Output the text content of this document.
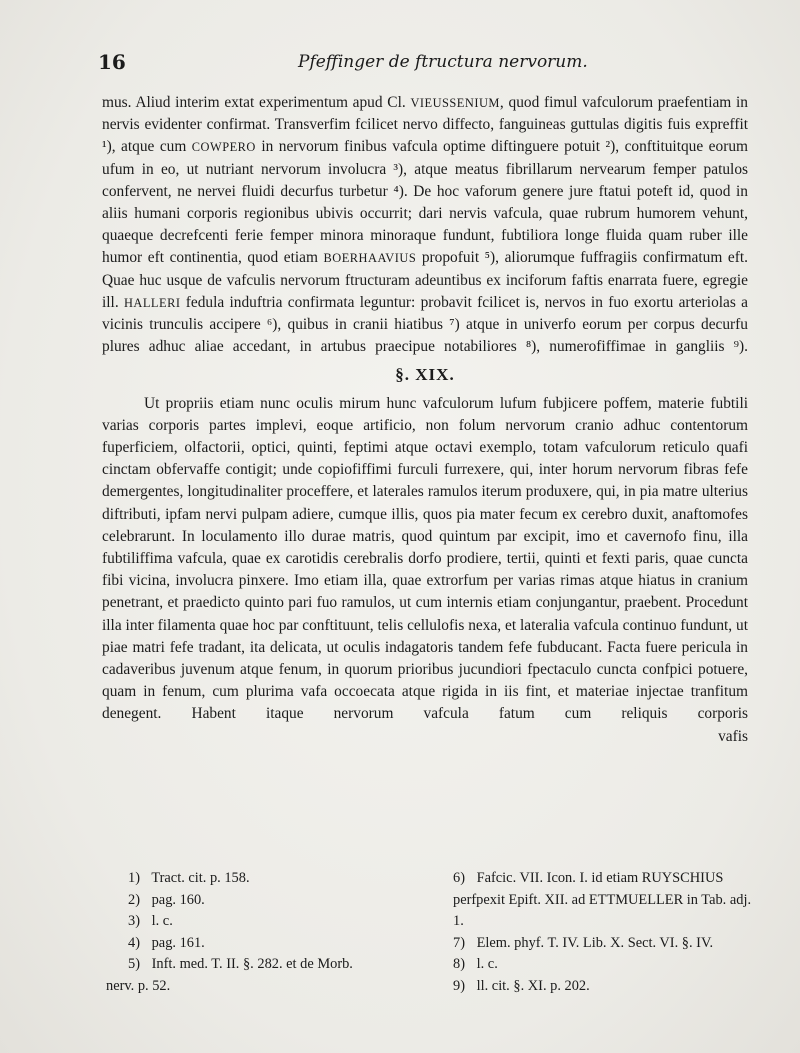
16	Pfeffinger de ftructura nervorum.

mus. Aliud interim extat experimentum apud Cl. VIEUSSENIUM, quod fimul vafculorum praefentiam in nervis evidenter confirmat. Transverfim fcilicet nervo diffecto, fanguineas guttulas digitis fuis expreffit ¹), atque cum COWPERO in nervorum finibus vafcula optime diftinguere potuit ²), conftituitque eorum ufum in eo, ut nutriant nervorum involucra ³), atque meatus fibrillarum nervearum femper patulos confervent, ne nervei fluidi decurfus turbetur ⁴). De hoc vaforum genere jure ftatui poteft id, quod in aliis humani corporis regionibus ubivis occurrit; dari nervis vafcula, quae rubrum humorem vehunt, quaeque decrefcenti ferie femper minora minoraque fundunt, fubtiliora longe fluida quam ruber ille humor eft continentia, quod etiam BOERHAAVIUS propofuit ⁵), aliorumque fuffragiis confirmatum eft. Quae huc usque de vafculis nervorum ftructuram adeuntibus ex inciforum faftis enarrata fuere, egregie ill. HALLERI fedula induftria confirmata leguntur: probavit fcilicet is, nervos in fuo exortu arteriolas a vicinis trunculis accipere ⁶), quibus in cranii hiatibus ⁷) atque in univerfo eorum per corpus decurfu plures adhuc aliae accedant, in artubus praecipue notabiliores ⁸), numerofiffimae in gangliis ⁹).

§. XIX.

Ut propriis etiam nunc oculis mirum hunc vafculorum lufum fubjicere poffem, materie fubtili varias corporis partes implevi, eoque artificio, non folum nervorum cranio adhuc contentorum fuperficiem, olfactorii, optici, quinti, feptimi atque octavi exemplo, totam vafculorum reticulo quafi cinctam obfervaffe contigit; unde copiofiffimi furculi furrexere, qui, inter horum nervorum fibras fefe demergentes, longitudinaliter proceffere, et laterales ramulos iterum produxere, qui, in pia matre ulterius diftributi, ipfam nervi pulpam adiere, cumque illis, quos pia mater fecum ex cerebro duxit, anaftomofes celebrarunt. In loculamento illo durae matris, quod quintum par excipit, imo et cavernofo finu, illa fubtiliffima vafcula, quae ex carotidis cerebralis dorfo prodiere, tertii, quinti et fexti paris, quae cuncta fibi vicina, involucra pinxere. Imo etiam illa, quae extrorfum per varias rimas atque hiatus in cranium penetrant, et praedicto quinto pari fuo ramulos, ut cum internis etiam conjungantur, praebent. Procedunt illa inter filamenta quae hoc par conftituunt, telis cellulofis nexa, et lateralia vafcula continuo fundunt, ut piae matri fefe tradant, ita delicata, ut oculis indagatoris tandem fefe fubducant. Facta fuere pericula in cadaveribus juvenum atque fenum, in quorum prioribus jucundiori fpectaculo cuncta confpici potuere, quam in fenum, cum plurima vafa occoecata atque rigida in iis fint, et materiae injectae tranfitum denegent. Habent itaque nervorum vafcula fatum cum reliquis corporis

vafis

1) Tract. cit. p. 158.

2) pag. 160.

3) l. c.

4) pag. 161.

5) Inft. med. T. II. §. 282. et de Morb.
nerv. p. 52.

6) Fafcic. VII. Icon. I. id etiam RUYSCHIUS perfpexit Epift. XII. ad ETTMUELLER in Tab. adj. 1.

7) Elem. phyf. T. IV. Lib. X. Sect. VI. §. IV.

8) l. c.

9) ll. cit. §. XI. p. 202.
